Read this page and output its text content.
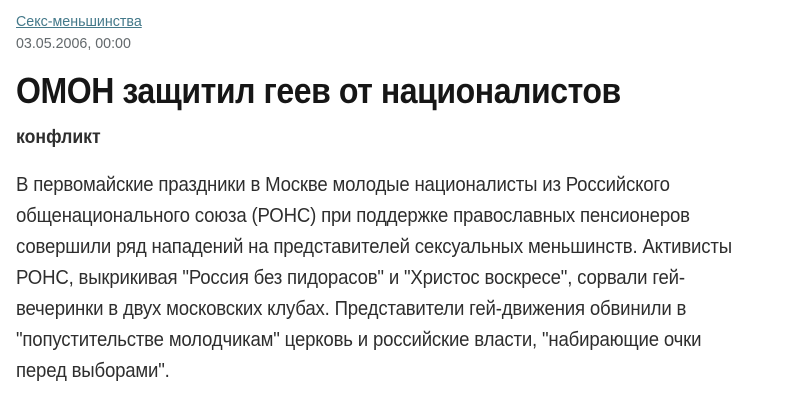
Секс-меньшинства
03.05.2006, 00:00
ОМОН защитил геев от националистов
конфликт
В первомайские праздники в Москве молодые националисты из Российского
общенационального союза (РОНС) при поддержке православных пенсионеров
совершили ряд нападений на представителей сексуальных меньшинств. Активисты
РОНС, выкрикивая "Россия без пидорасов" и "Христос воскресе", сорвали гей-
вечеринки в двух московских клубах. Представители гей-движения обвинили в
"попустительстве молодчикам" церковь и российские власти, "набирающие очки
перед выборами".
